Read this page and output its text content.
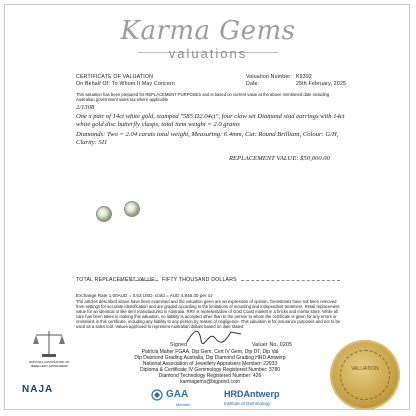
Karma Gems
valuations
CERTIFICATE OF VALUATION
On Behalf Of: To Whom It May Concern
Valuation Number: K9392
Date:	25th February, 2025
This valuation has been prepared for REPLACEMENT PURPOSES and is based on current value at the above mentioned date including Australian government sales tax where applicable
2/1308
One x pair of 14ct white gold, stamped "585 D2.04ct", four claw set Diamond stud earrings with 14ct white gold disc butterfly clasps, total item weight = 2.0 grams
Diamonds: Two = 2.04 carats total weight, Measuring: 6.4mm, Cut: Round Brilliant, Colour: G/H, Clarity: SI1
REPLACEMENT VALUE: $50,000.00
TOTAL REPLACEMENT VALUE:	FIFTY THOUSAND DOLLARS
Exchange Rate 1.00AUD = 0.63 USD, Gold = AUD 4,846.30 per oz
The articles described above have been examined and the valuation given are an expression of opinion. Gemstones have not been removed from settings for accurate identification and are graded according to the limitations of mounting and independent treatment. Retail replacement value for an identical or like item manufactured in Australia. RRV is representative of Gold Coast market in a bricks and mortar store. While all care has been taken in making this valuation, no liability is accepted other than to the person to whom the certificate is given for any errors or omissions in this certificate, including any liability to any person by reason of negligence. This valuation is for insurance purposes and not to be used as a sales tool. Values approved to represent Australian dollars based on date stated
Signed	Valuer No. 0205
Patricia Maher FGAA, Dip Gem, Cert IV Gem, Dip DT, Dip Val
Dip Diamond Grading Australia, Dip Diamond Grading HRD Antwerp
National Association of Jewellery Appraisers Member: 22033
Diploma & Certificate IV Gemmology Registered Number: 3780
Diamond Technology Registered Number: 426
karmagems@bigpond.com
NATIONAL ASSOCIATION OF JEWELLERY APPRAISERS
NAJA	GAA
Member
HRDAntwerp
Institute of Gemmology
VALUATION
